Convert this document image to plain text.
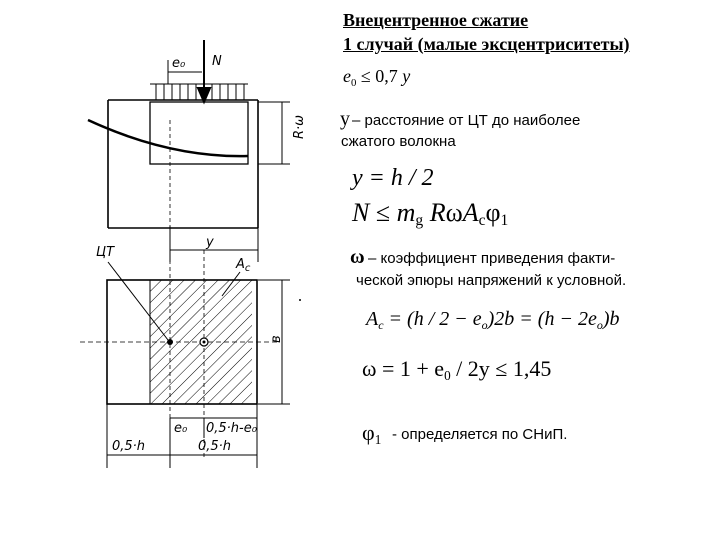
N
e₀
R·ω
y
ЦТ
$A_c$
в
e₀ 0,5·h-e₀
0,5·h	0,5·h
Внецентренное сжатие
1 случай (малые эксцентриситеты)
$e_0 \le 0,7$ y
y – расстояние от ЦТ до наиболее
сжатого волокна
y = h / 2
$N \le m_g$ $R\omega A_c\varphi_1$
ω – коэффициент приведения факти-
ческой эпюры напряжений к условной.
$A_c = (h / 2 - e_o)2b = (h - 2e_o)b$
$\omega = 1 + e_0 / 2y \le 1,45$
$\varphi_1$ - определяется по СНиП.
